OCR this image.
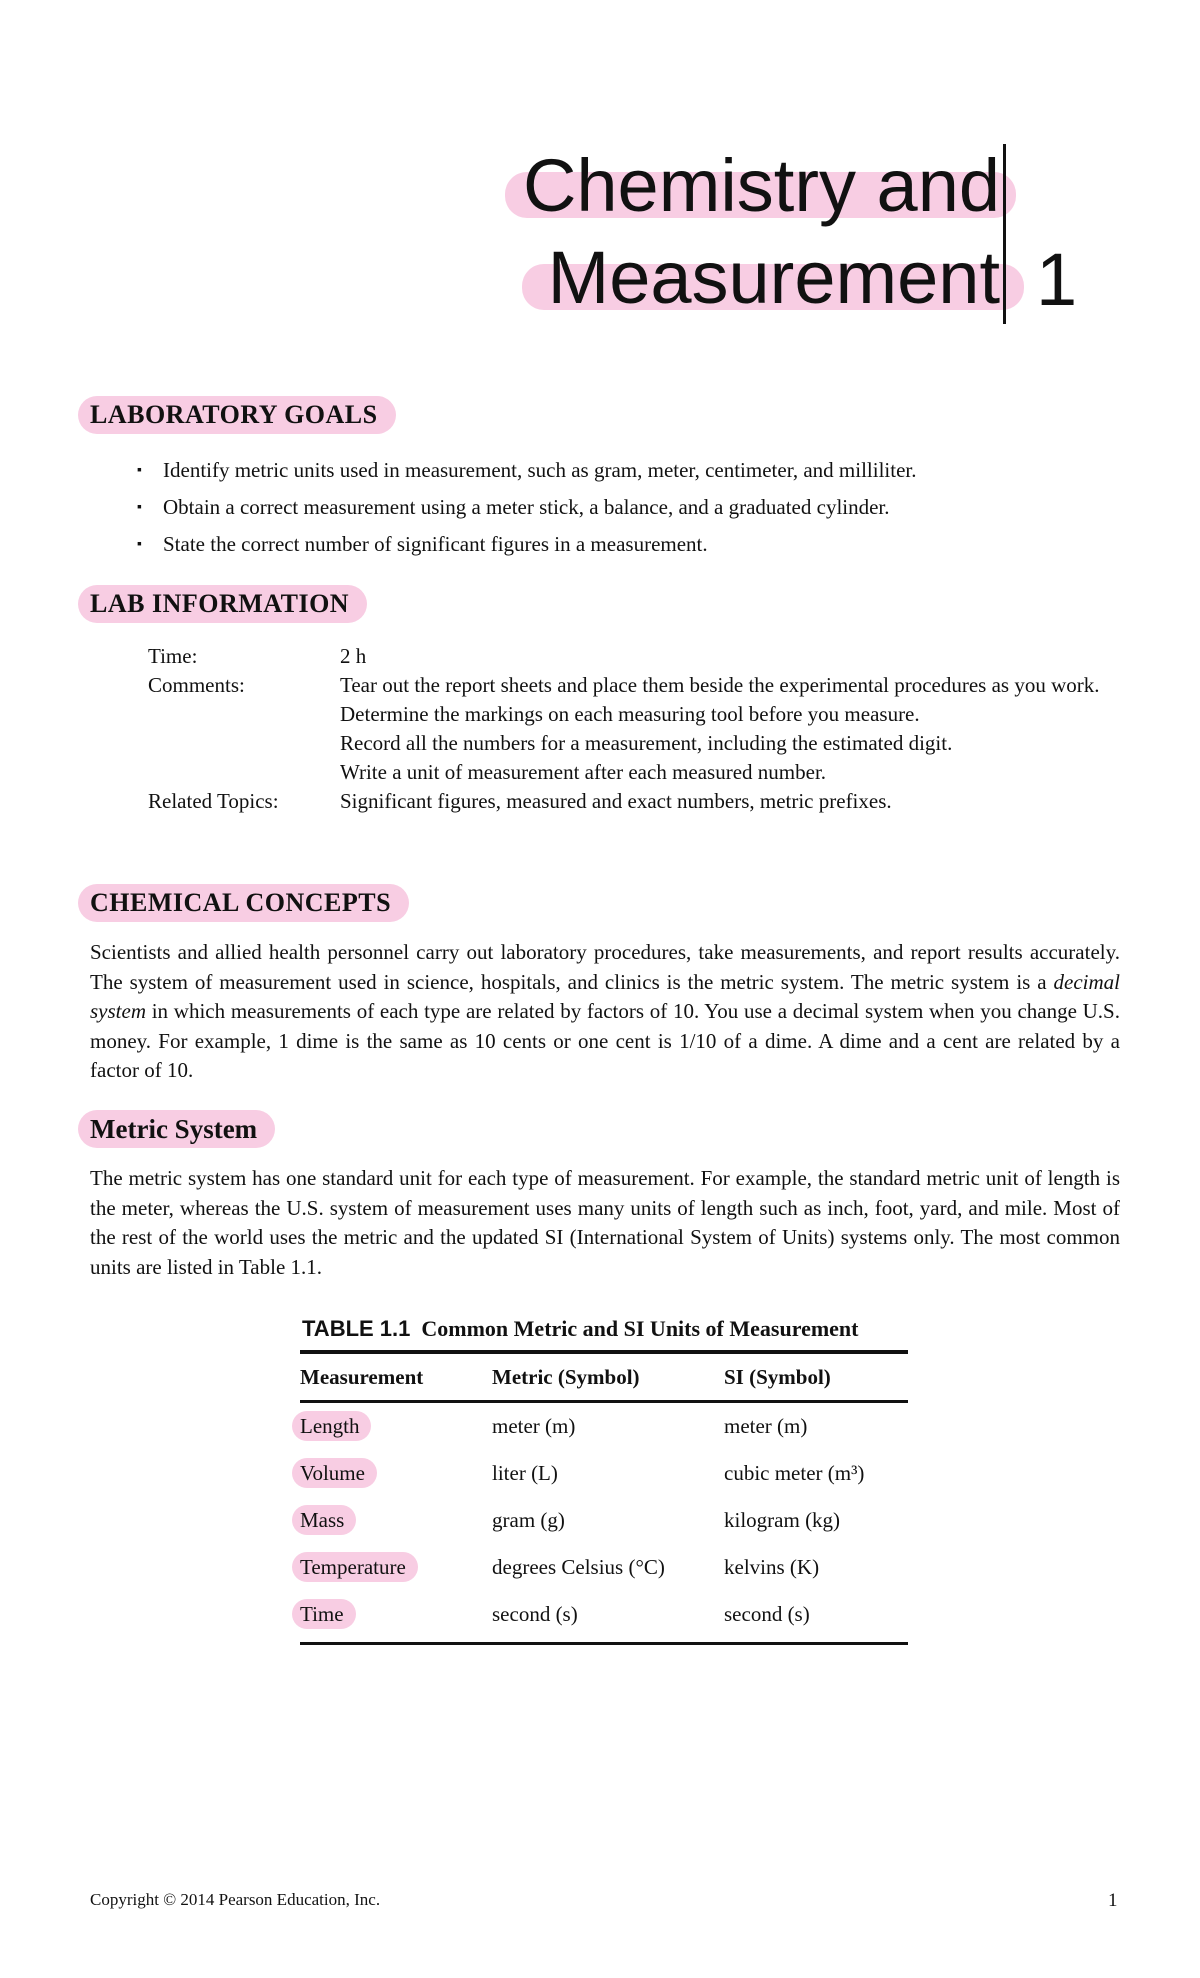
Chemistry and
Measurement 1
LABORATORY GOALS
▪ Identify metric units used in measurement, such as gram, meter, centimeter, and milliliter.
▪ Obtain a correct measurement using a meter stick, a balance, and a graduated cylinder.
▪ State the correct number of significant figures in a measurement.
LAB INFORMATION
Time:	2 h
Comments:	Tear out the report sheets and place them beside the experimental procedures as you work.
Determine the markings on each measuring tool before you measure.
Record all the numbers for a measurement, including the estimated digit.
Write a unit of measurement after each measured number.
Related Topics:	Significant figures, measured and exact numbers, metric prefixes.
CHEMICAL CONCEPTS

Scientists and allied health personnel carry out laboratory procedures, take measurements, and report results accurately. The system of measurement used in science, hospitals, and clinics is the metric system. The metric system is a decimal system in which measurements of each type are related by factors of 10. You use a decimal system when you change U.S. money. For example, 1 dime is the same as 10 cents or one cent is 1/10 of a dime. A dime and a cent are related by a factor of 10.

Metric System

The metric system has one standard unit for each type of measurement. For example, the standard metric unit of length is the meter, whereas the U.S. system of measurement uses many units of length such as inch, foot, yard, and mile. Most of the rest of the world uses the metric and the updated SI (International System of Units) systems only. The most common units are listed in Table 1.1.

TABLE 1.1 Common Metric and SI Units of Measurement
Measurement	Metric (Symbol)	SI (Symbol)
Length	meter (m)	meter (m)
Volume	liter (L)	cubic meter (m³)
Mass	gram (g)	kilogram (kg)
Temperature	degrees Celsius (°C)	kelvins (K)
Time	second (s)	second (s)
Copyright © 2014 Pearson Education, Inc.	1
